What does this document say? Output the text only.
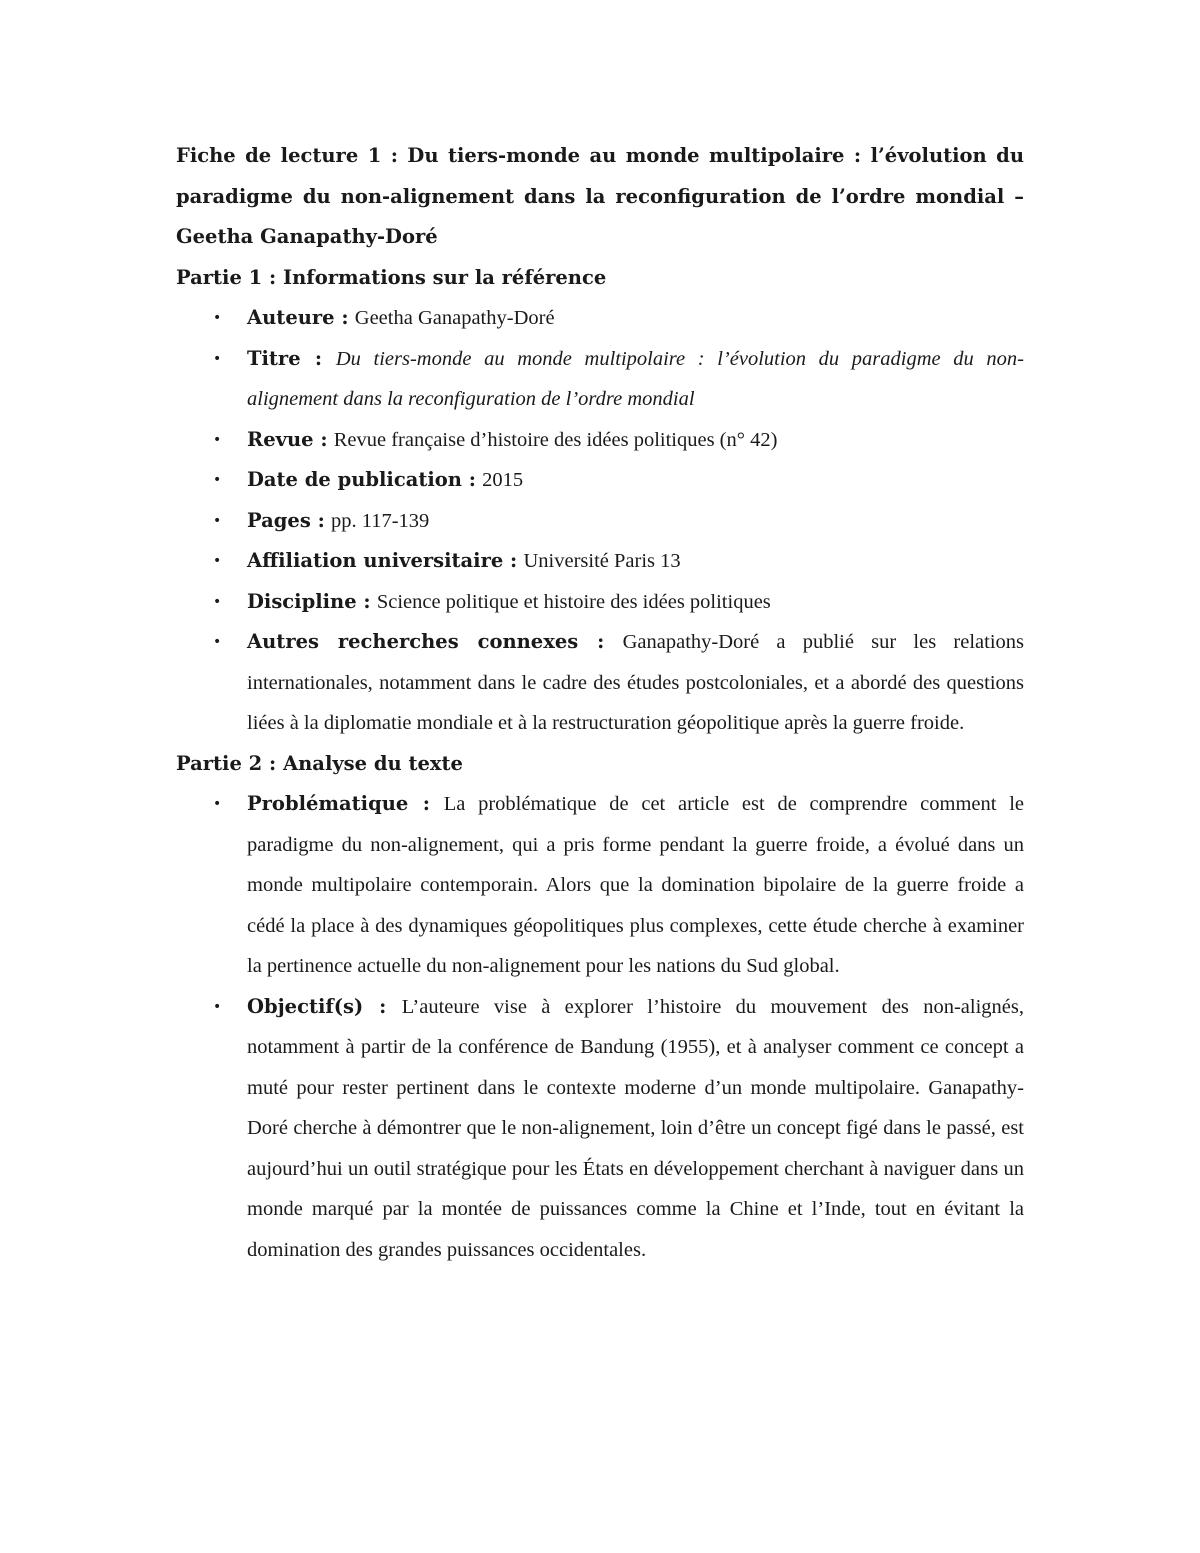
Fiche de lecture 1 : Du tiers-monde au monde multipolaire : l’évolution du paradigme du non-alignement dans la reconfiguration de l’ordre mondial – Geetha Ganapathy-Doré

Partie 1 : Informations sur la référence

• Auteure : Geetha Ganapathy-Doré
• Titre : Du tiers-monde au monde multipolaire : l’évolution du paradigme du non-alignement dans la reconfiguration de l’ordre mondial
• Revue : Revue française d’histoire des idées politiques (n° 42)
• Date de publication : 2015
• Pages : pp. 117-139
• Affiliation universitaire : Université Paris 13
• Discipline : Science politique et histoire des idées politiques
• Autres recherches connexes : Ganapathy-Doré a publié sur les relations internationales, notamment dans le cadre des études postcoloniales, et a abordé des questions liées à la diplomatie mondiale et à la restructuration géopolitique après la guerre froide.

Partie 2 : Analyse du texte

• Problématique : La problématique de cet article est de comprendre comment le paradigme du non-alignement, qui a pris forme pendant la guerre froide, a évolué dans un monde multipolaire contemporain. Alors que la domination bipolaire de la guerre froide a cédé la place à des dynamiques géopolitiques plus complexes, cette étude cherche à examiner la pertinence actuelle du non-alignement pour les nations du Sud global.
• Objectif(s) : L’auteure vise à explorer l’histoire du mouvement des non-alignés, notamment à partir de la conférence de Bandung (1955), et à analyser comment ce concept a muté pour rester pertinent dans le contexte moderne d’un monde multipolaire. Ganapathy-Doré cherche à démontrer que le non-alignement, loin d’être un concept figé dans le passé, est aujourd’hui un outil stratégique pour les États en développement cherchant à naviguer dans un monde marqué par la montée de puissances comme la Chine et l’Inde, tout en évitant la domination des grandes puissances occidentales.
